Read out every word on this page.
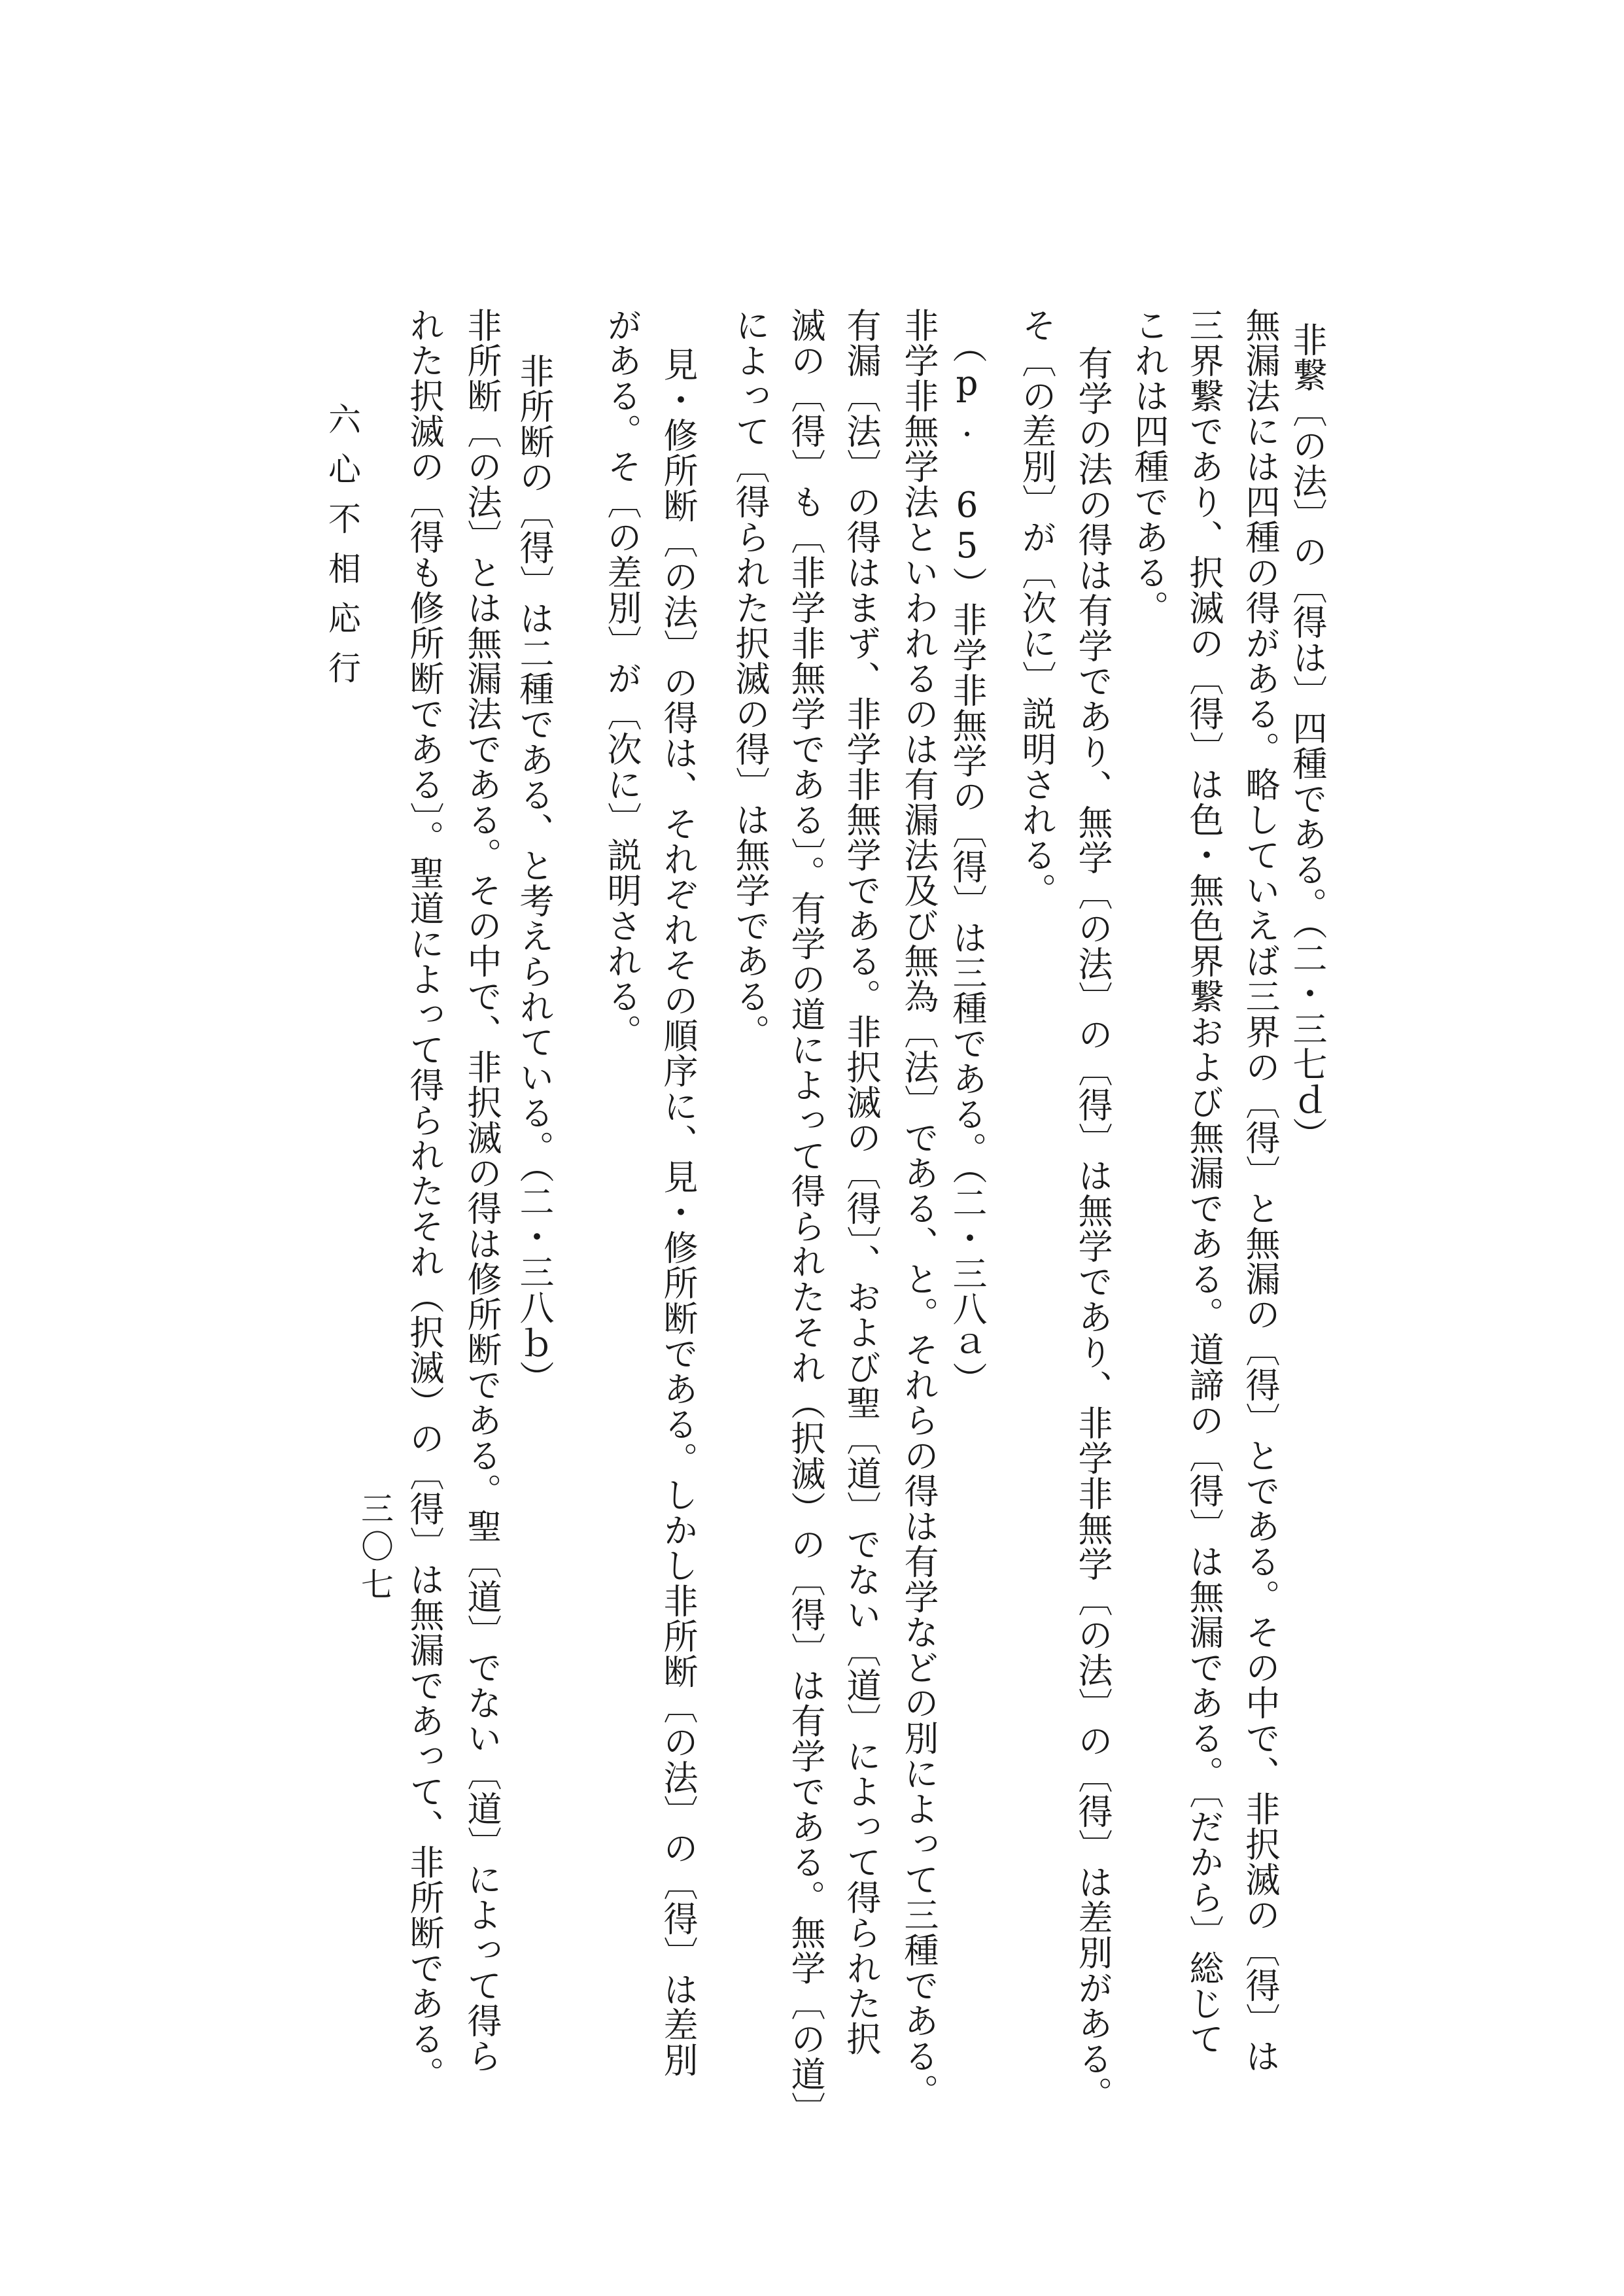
非繋〔の法〕の〔得は〕四種である。（二・三七ｄ）
無漏法には四種の得がある。略していえば三界の〔得〕と無漏の〔得〕とである。その中で、非択滅の〔得〕は
三界繋であり、択滅の〔得〕は色・無色界繋および無漏である。道諦の〔得〕は無漏である。〔だから〕総じて
これは四種である。
有学の法の得は有学であり、無学〔の法〕の〔得〕は無学であり、非学非無学〔の法〕の〔得〕は差別がある。
そ〔の差別〕が〔次に〕説明される。
（p. 65）非学非無学の〔得〕は三種である。（二・三八ａ）
非学非無学法といわれるのは有漏法及び無為〔法〕である、と。それらの得は有学などの別によって三種である。
有漏〔法〕の得はまず、非学非無学である。非択滅の〔得〕、および聖〔道〕でない〔道〕によって得られた択
滅の〔得〕も〔非学非無学である〕。有学の道によって得られたそれ（択滅）の〔得〕は有学である。無学〔の道〕
によって〔得られた択滅の得〕は無学である。
見・修所断〔の法〕の得は、それぞれその順序に、見・修所断である。しかし非所断〔の法〕の〔得〕は差別
がある。そ〔の差別〕が〔次に〕説明される。
非所断の〔得〕は二種である、と考えられている。（二・三八ｂ）
非所断〔の法〕とは無漏法である。その中で、非択滅の得は修所断である。聖〔道〕でない〔道〕によって得ら
れた択滅の〔得も修所断である〕。聖道によって得られたそれ（択滅）の〔得〕は無漏であって、非所断である。
六心不相応行
三〇七
